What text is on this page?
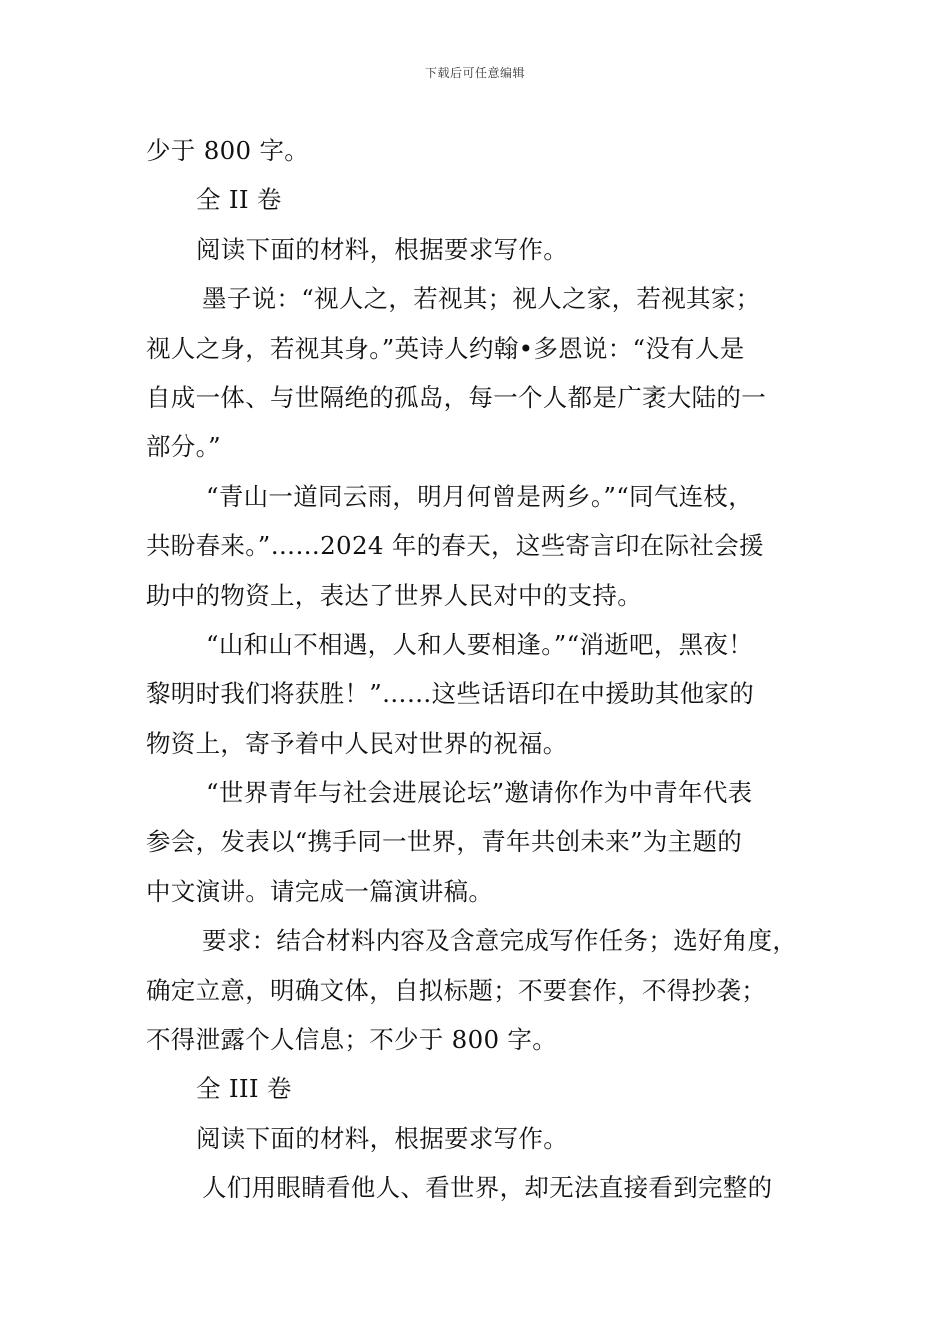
下载后可任意编辑
少于 800 字。
全 II 卷
阅读下面的材料，根据要求写作。
墨子说：“视人之，若视其；视人之家，若视其家；
视人之身，若视其身。”英诗人约翰•多恩说：“没有人是
自成一体、与世隔绝的孤岛，每一个人都是广袤大陆的一
部分。”
“青山一道同云雨，明月何曾是两乡。”“同气连枝，
共盼春来。”……2024 年的春天，这些寄言印在际社会援
助中的物资上，表达了世界人民对中的支持。
“山和山不相遇，人和人要相逢。”“消逝吧，黑夜！
黎明时我们将获胜！”……这些话语印在中援助其他家的
物资上，寄予着中人民对世界的祝福。
“世界青年与社会进展论坛”邀请你作为中青年代表
参会，发表以“携手同一世界，青年共创未来”为主题的
中文演讲。请完成一篇演讲稿。
要求：结合材料内容及含意完成写作任务；选好角度，
确定立意，明确文体，自拟标题；不要套作，不得抄袭；
不得泄露个人信息；不少于 800 字。
全 III 卷
阅读下面的材料，根据要求写作。
人们用眼睛看他人、看世界，却无法直接看到完整的
